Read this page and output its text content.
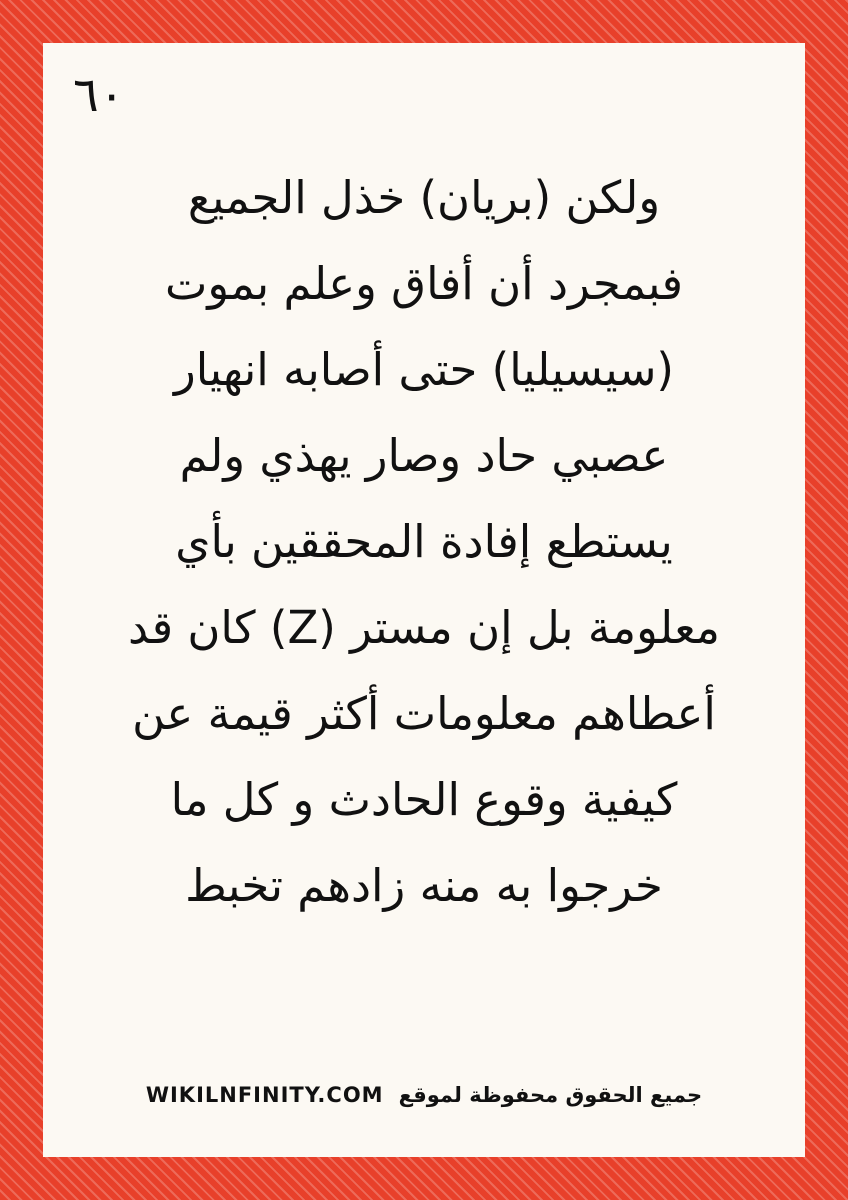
٦٠
ولكن (بريان) خذل الجميع
فبمجرد أن أفاق وعلم بموت
(سيسيليا) حتى أصابه انهيار
عصبي حاد وصار يهذي ولم
يستطع إفادة المحققين بأي
معلومة بل إن مستر (Z) كان قد
أعطاهم معلومات أكثر قيمة عن
كيفية وقوع الحادث و كل ما
خرجوا به منه زادهم تخبط
WIKILNFINITY.COM جميع الحقوق محفوظة لموقع
